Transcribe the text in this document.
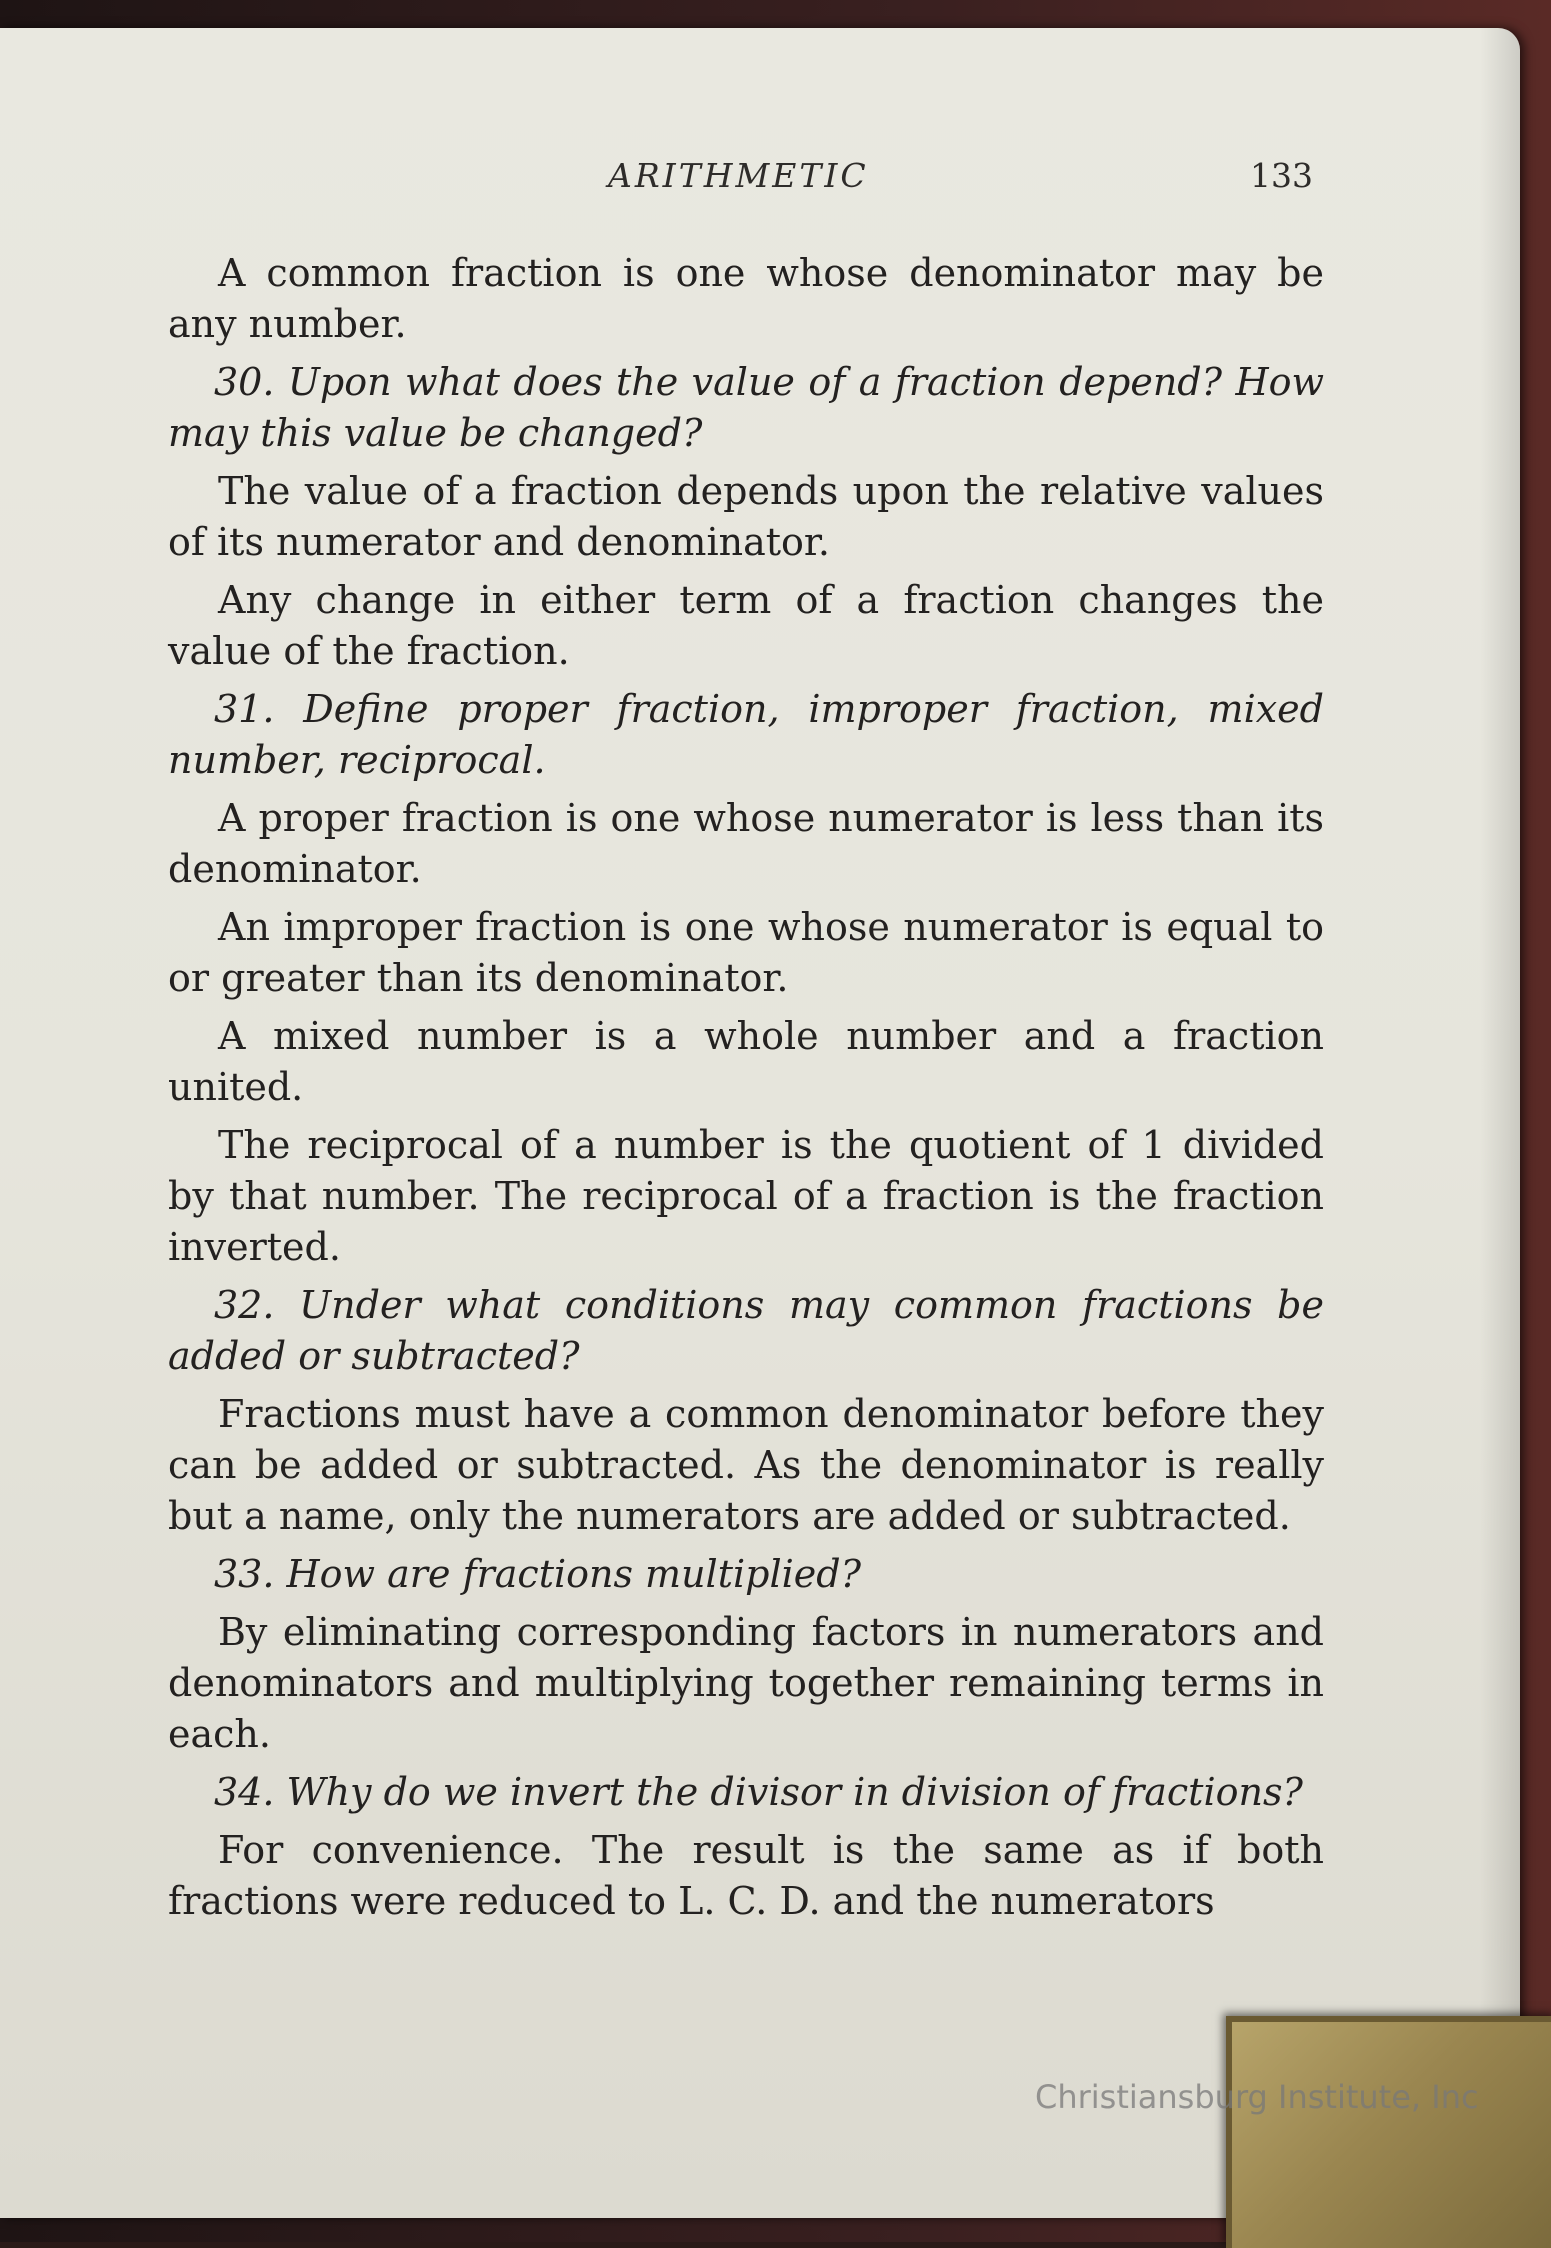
ARITHMETIC	133

A common fraction is one whose denominator may be any number.

30. Upon what does the value of a fraction depend? How may this value be changed?

The value of a fraction depends upon the relative values of its numerator and denominator.

Any change in either term of a fraction changes the value of the fraction.

31. Define proper fraction, improper fraction, mixed number, reciprocal.

A proper fraction is one whose numerator is less than its denominator.

An improper fraction is one whose numerator is equal to or greater than its denominator.

A mixed number is a whole number and a fraction united.

The reciprocal of a number is the quotient of 1 divided by that number. The reciprocal of a fraction is the fraction inverted.

32. Under what conditions may common fractions be added or subtracted?

Fractions must have a common denominator before they can be added or subtracted. As the denominator is really but a name, only the numerators are added or subtracted.

33. How are fractions multiplied?

By eliminating corresponding factors in numerators and denominators and multiplying together remaining terms in each.

34. Why do we invert the divisor in division of fractions?

For convenience. The result is the same as if both fractions were reduced to L. C. D. and the numerators

Christiansburg Institute, Inc
